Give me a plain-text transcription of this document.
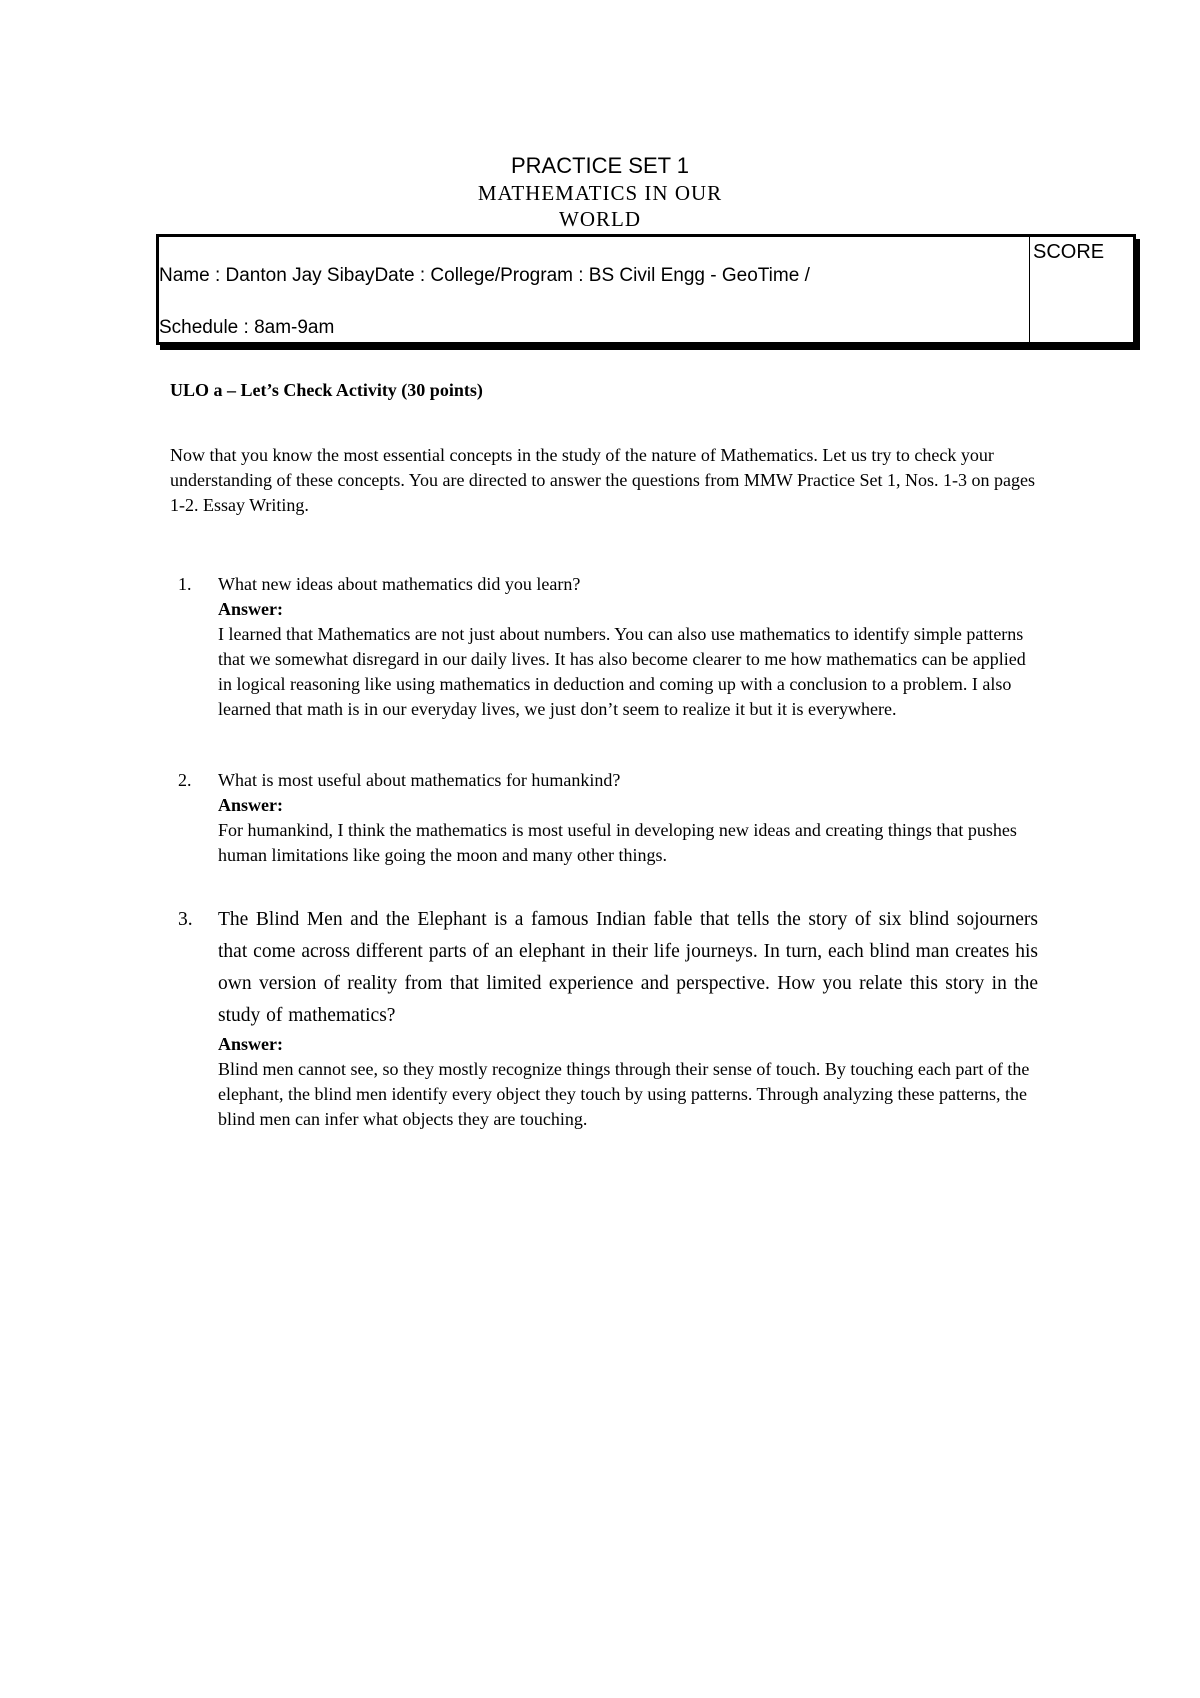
PRACTICE SET 1
MATHEMATICS IN OUR
WORLD
Name : Danton Jay SibayDate : College/Program : BS Civil Engg - GeoTime /
Schedule : 8am-9am
SCORE
ULO a – Let’s Check Activity (30 points)
Now that you know the most essential concepts in the study of the nature of Mathematics. Let us try to check your understanding of these concepts. You are directed to answer the questions from MMW Practice Set 1, Nos. 1-3 on pages 1-2. Essay Writing.
1.	What new ideas about mathematics did you learn?
Answer:
I learned that Mathematics are not just about numbers. You can also use mathematics to identify simple patterns that we somewhat disregard in our daily lives. It has also become clearer to me how mathematics can be applied in logical reasoning like using mathematics in deduction and coming up with a conclusion to a problem. I also learned that math is in our everyday lives, we just don’t seem to realize it but it is everywhere.
2.	What is most useful about mathematics for humankind?
Answer:
For humankind, I think the mathematics is most useful in developing new ideas and creating things that pushes human limitations like going the moon and many other things.
3.	The Blind Men and the Elephant is a famous Indian fable that tells the story of six blind sojourners that come across different parts of an elephant in their life journeys. In turn, each blind man creates his own version of reality from that limited experience and perspective. How you relate this story in the study of mathematics?
Answer:
Blind men cannot see, so they mostly recognize things through their sense of touch. By touching each part of the elephant, the blind men identify every object they touch by using patterns. Through analyzing these patterns, the blind men can infer what objects they are touching.
